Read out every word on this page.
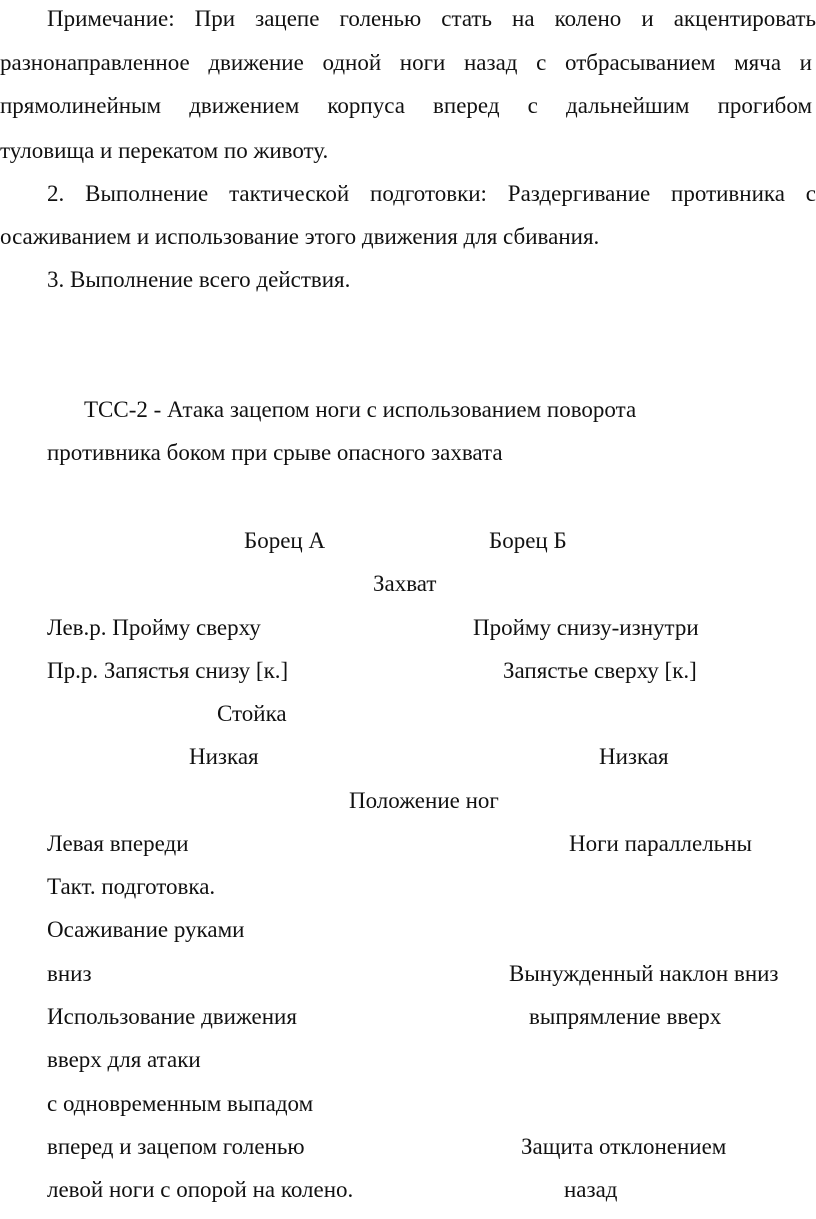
Примечание: При зацепе голенью стать на колено и акцентировать
разнонаправленное движение одной ноги назад с отбрасыванием мяча и
прямолинейным движением корпуса вперед с дальнейшим прогибом
туловища и перекатом по животу.
2. Выполнение тактической подготовки: Раздергивание противника с
осаживанием и использование этого движения для сбивания.
3. Выполнение всего действия.
ТСС-2 - Атака зацепом ноги с использованием поворота
противника боком при срыве опасного захвата
Борец А	Борец Б
Захват
Лев.р. Пройму сверху	Пройму снизу-изнутри
Пр.р. Запястья снизу [к.]	Запястье сверху [к.]
Стойка
Низкая	Низкая
Положение ног
Левая впереди	Ноги параллельны
Такт. подготовка.
Осаживание руками
вниз	Вынужденный наклон вниз
Использование движения	выпрямление вверх
вверх для атаки
с одновременным выпадом
вперед и зацепом голенью	Защита отклонением
левой ноги с опорой на колено.	назад
